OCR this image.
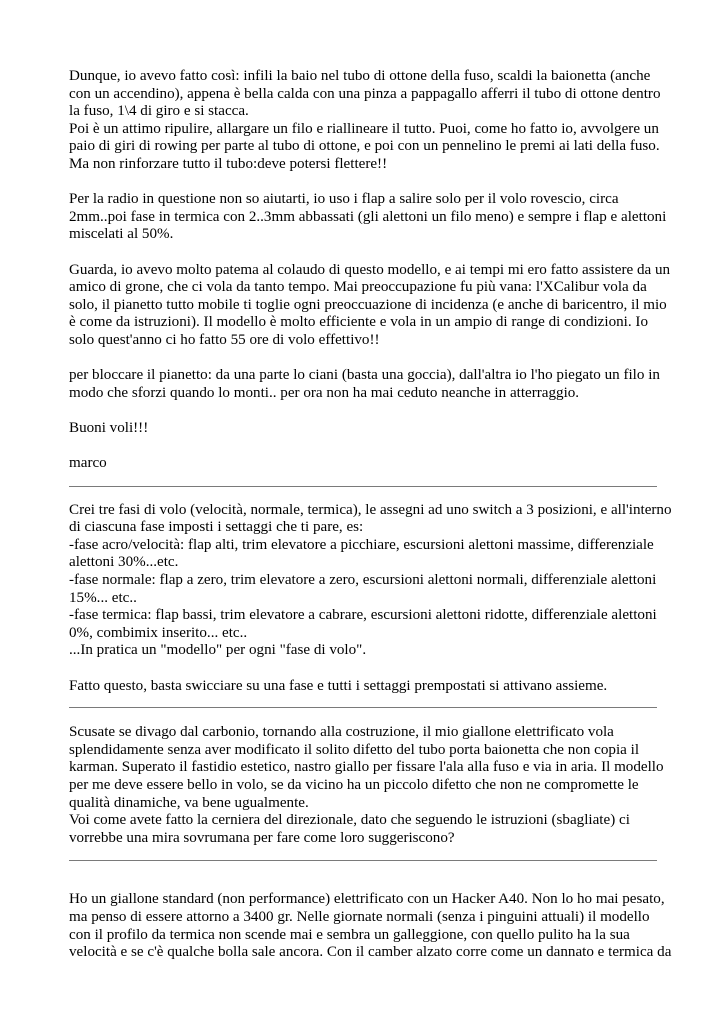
Dunque, io avevo fatto così: infili la baio nel tubo di ottone della fuso, scaldi la baionetta (anche
con un accendino), appena è bella calda con una pinza a pappagallo afferri il tubo di ottone dentro
la fuso, 1\4 di giro e si stacca.
Poi è un attimo ripulire, allargare un filo e riallineare il tutto. Puoi, come ho fatto io, avvolgere un
paio di giri di rowing per parte al tubo di ottone, e poi con un pennelino le premi ai lati della fuso.
Ma non rinforzare tutto il tubo:deve potersi flettere!!

Per la radio in questione non so aiutarti, io uso i flap a salire solo per il volo rovescio, circa
2mm..poi fase in termica con 2..3mm abbassati (gli alettoni un filo meno) e sempre i flap e alettoni
miscelati al 50%.

Guarda, io avevo molto patema al colaudo di questo modello, e ai tempi mi ero fatto assistere da un
amico di grone, che ci vola da tanto tempo. Mai preoccupazione fu più vana: l'XCalibur vola da
solo, il pianetto tutto mobile ti toglie ogni preoccuazione di incidenza (e anche di baricentro, il mio
è come da istruzioni). Il modello è molto efficiente e vola in un ampio di range di condizioni. Io
solo quest'anno ci ho fatto 55 ore di volo effettivo!!

per bloccare il pianetto: da una parte lo ciani (basta una goccia), dall'altra io l'ho piegato un filo in
modo che sforzi quando lo monti.. per ora non ha mai ceduto neanche in atterraggio.

Buoni voli!!!

marco

Crei tre fasi di volo (velocità, normale, termica), le assegni ad uno switch a 3 posizioni, e all'interno
di ciascuna fase imposti i settaggi che ti pare, es:
-fase acro/velocità: flap alti, trim elevatore a picchiare, escursioni alettoni massime, differenziale
alettoni 30%...etc.
-fase normale: flap a zero, trim elevatore a zero, escursioni alettoni normali, differenziale alettoni
15%... etc..
-fase termica: flap bassi, trim elevatore a cabrare, escursioni alettoni ridotte, differenziale alettoni
0%, combimix inserito... etc..
...In pratica un "modello" per ogni "fase di volo".

Fatto questo, basta swicciare su una fase e tutti i settaggi prempostati si attivano assieme.

Scusate se divago dal carbonio, tornando alla costruzione, il mio giallone elettrificato vola
splendidamente senza aver modificato il solito difetto del tubo porta baionetta che non copia il
karman. Superato il fastidio estetico, nastro giallo per fissare l'ala alla fuso e via in aria. Il modello
per me deve essere bello in volo, se da vicino ha un piccolo difetto che non ne compromette le
qualità dinamiche, va bene ugualmente.
Voi come avete fatto la cerniera del direzionale, dato che seguendo le istruzioni (sbagliate) ci
vorrebbe una mira sovrumana per fare come loro suggeriscono?

Ho un giallone standard (non performance) elettrificato con un Hacker A40. Non lo ho mai pesato,
ma penso di essere attorno a 3400 gr. Nelle giornate normali (senza i pinguini attuali) il modello
con il profilo da termica non scende mai e sembra un galleggione, con quello pulito ha la sua
velocità e se c'è qualche bolla sale ancora. Con il camber alzato corre come un dannato e termica da
